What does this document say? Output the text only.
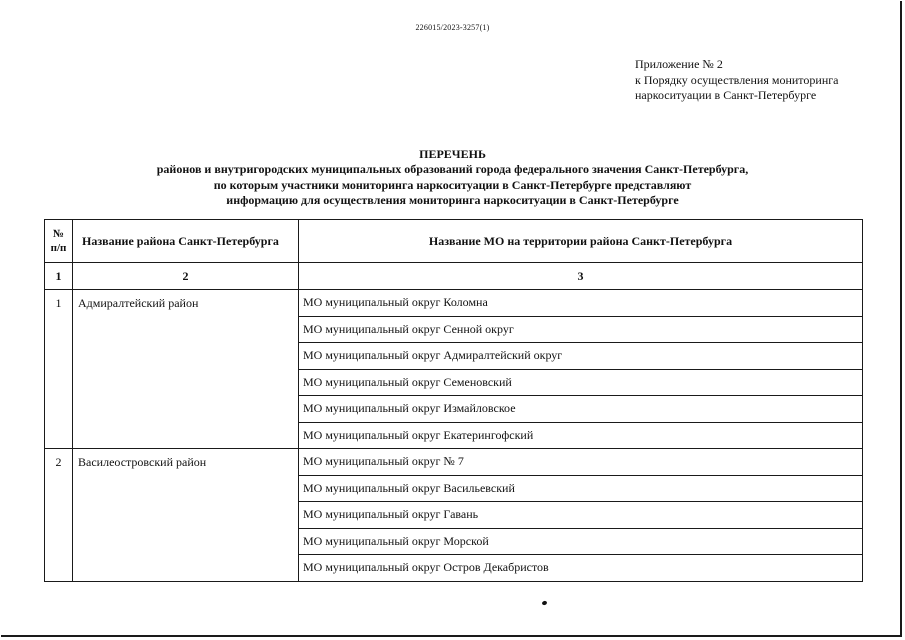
226015/2023-3257(1)
Приложение № 2
к Порядку осуществления мониторинга
наркоситуации в Санкт-Петербурге
ПЕРЕЧЕНЬ
районов и внутригородских муниципальных образований города федерального значения Санкт-Петербурга,
по которым участники мониторинга наркоситуации в Санкт-Петербурге представляют
информацию для осуществления мониторинга наркоситуации в Санкт-Петербурге
№
п/п	Название района Санкт-Петербурга	Название МО на территории района Санкт-Петербурга
1	2	3
1	Адмиралтейский район	МО муниципальный округ Коломна
		МО муниципальный округ Сенной округ
		МО муниципальный округ Адмиралтейский округ
		МО муниципальный округ Семеновский
		МО муниципальный округ Измайловское
		МО муниципальный округ Екатерингофский
2	Василеостровский район	МО муниципальный округ № 7
		МО муниципальный округ Васильевский
		МО муниципальный округ Гавань
		МО муниципальный округ Морской
		МО муниципальный округ Остров Декабристов
